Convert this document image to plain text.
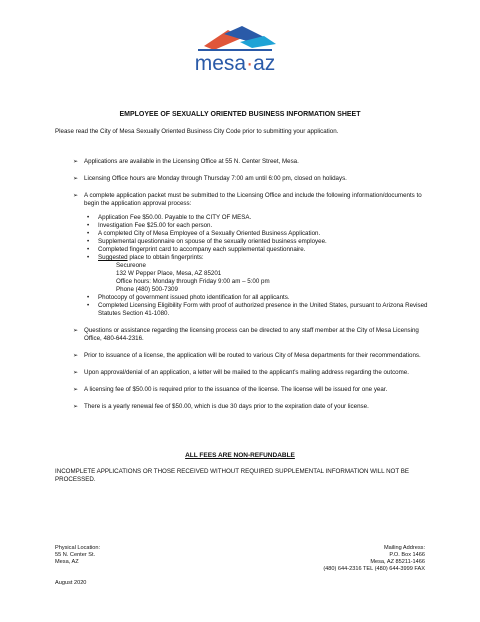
mesa·az
EMPLOYEE OF SEXUALLY ORIENTED BUSINESS INFORMATION SHEET
Please read the City of Mesa Sexually Oriented Business City Code prior to submitting your application.
➢ Applications are available in the Licensing Office at 55 N. Center Street, Mesa.
➢ Licensing Office hours are Monday through Thursday 7:00 am until 6:00 pm, closed on holidays.
➢ A complete application packet must be submitted to the Licensing Office and include the following information/documents to begin the application approval process:
• Application Fee $50.00. Payable to the CITY OF MESA.
• Investigation Fee $25.00 for each person.
• A completed City of Mesa Employee of a Sexually Oriented Business Application.
• Supplemental questionnaire on spouse of the sexually oriented business employee.
• Completed fingerprint card to accompany each supplemental questionnaire.
• Suggested place to obtain fingerprints:
Secureone
132 W Pepper Place, Mesa, AZ 85201
Office hours: Monday through Friday 9:00 am – 5:00 pm
Phone (480) 500-7309
• Photocopy of government issued photo identification for all applicants.
• Completed Licensing Eligibility Form with proof of authorized presence in the United States, pursuant to Arizona Revised Statutes Section 41-1080.
➢ Questions or assistance regarding the licensing process can be directed to any staff member at the City of Mesa Licensing Office, 480-644-2316.
➢ Prior to issuance of a license, the application will be routed to various City of Mesa departments for their recommendations.
➢ Upon approval/denial of an application, a letter will be mailed to the applicant’s mailing address regarding the outcome.
➢ A licensing fee of $50.00 is required prior to the issuance of the license. The license will be issued for one year.
➢ There is a yearly renewal fee of $50.00, which is due 30 days prior to the expiration date of your license.
ALL FEES ARE NON-REFUNDABLE
INCOMPLETE APPLICATIONS OR THOSE RECEIVED WITHOUT REQUIRED SUPPLEMENTAL INFORMATION WILL NOT BE PROCESSED.
Physical Location:
55 N. Center St.
Mesa, AZ
Mailing Address:
P.O. Box 1466
Mesa, AZ 85211-1466
(480) 644-2316 TEL (480) 644-3999 FAX
August 2020
